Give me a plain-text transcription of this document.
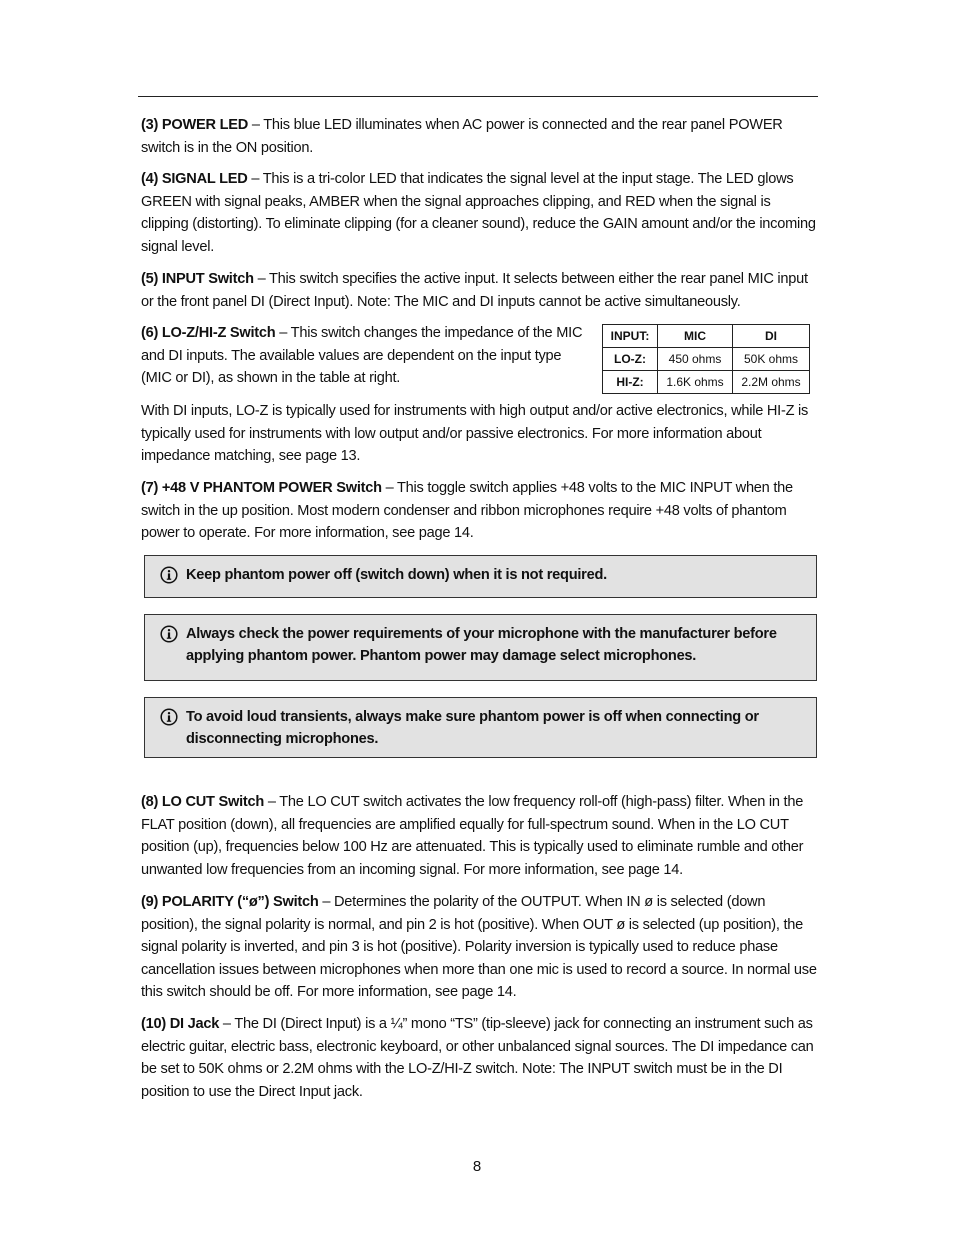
(3) POWER LED – This blue LED illuminates when AC power is connected and the rear panel POWER switch is in the ON position.

(4) SIGNAL LED – This is a tri-color LED that indicates the signal level at the input stage. The LED glows GREEN with signal peaks, AMBER when the signal approaches clipping, and RED when the signal is clipping (distorting). To eliminate clipping (for a cleaner sound), reduce the GAIN amount and/or the incoming signal level.

(5) INPUT Switch – This switch specifies the active input. It selects between either the rear panel MIC input or the front panel DI (Direct Input). Note: The MIC and DI inputs cannot be active simultaneously.

(6) LO-Z/HI-Z Switch – This switch changes the impedance of the MIC and DI inputs. The available values are dependent on the input type (MIC or DI), as shown in the table at right.

INPUT:	MIC	DI
LO-Z:	450 ohms	50K ohms
HI-Z:	1.6K ohms	2.2M ohms

With DI inputs, LO-Z is typically used for instruments with high output and/or active electronics, while HI-Z is typically used for instruments with low output and/or passive electronics. For more information about impedance matching, see page 13.

(7) +48 V PHANTOM POWER Switch – This toggle switch applies +48 volts to the MIC INPUT when the switch in the up position. Most modern condenser and ribbon microphones require +48 volts of phantom power to operate. For more information, see page 14.

Keep phantom power off (switch down) when it is not required.
Always check the power requirements of your microphone with the manufacturer before applying phantom power. Phantom power may damage select microphones.
To avoid loud transients, always make sure phantom power is off when connecting or disconnecting microphones.

(8) LO CUT Switch – The LO CUT switch activates the low frequency roll-off (high-pass) filter. When in the FLAT position (down), all frequencies are amplified equally for full-spectrum sound. When in the LO CUT position (up), frequencies below 100 Hz are attenuated. This is typically used to eliminate rumble and other unwanted low frequencies from an incoming signal. For more information, see page 14.

(9) POLARITY (“ø”) Switch – Determines the polarity of the OUTPUT. When IN ø is selected (down position), the signal polarity is normal, and pin 2 is hot (positive). When OUT ø is selected (up position), the signal polarity is inverted, and pin 3 is hot (positive). Polarity inversion is typically used to reduce phase cancellation issues between microphones when more than one mic is used to record a source. In normal use this switch should be off. For more information, see page 14.

(10) DI Jack – The DI (Direct Input) is a ¼” mono “TS” (tip-sleeve) jack for connecting an instrument such as electric guitar, electric bass, electronic keyboard, or other unbalanced signal sources. The DI impedance can be set to 50K ohms or 2.2M ohms with the LO-Z/HI-Z switch. Note: The INPUT switch must be in the DI position to use the Direct Input jack.

8
